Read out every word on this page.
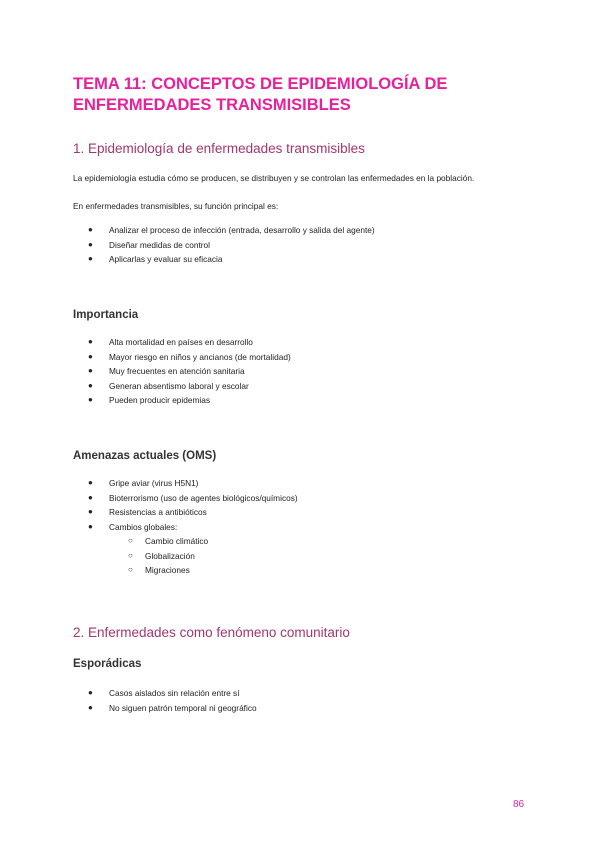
TEMA 11: CONCEPTOS DE EPIDEMIOLOGÍA DE ENFERMEDADES TRANSMISIBLES
1. Epidemiología de enfermedades transmisibles
La epidemiología estudia cómo se producen, se distribuyen y se controlan las enfermedades en la población.
En enfermedades transmisibles, su función principal es:
● Analizar el proceso de infección (entrada, desarrollo y salida del agente)
● Diseñar medidas de control
● Aplicarlas y evaluar su eficacia
Importancia
● Alta mortalidad en países en desarrollo
● Mayor riesgo en niños y ancianos (de mortalidad)
● Muy frecuentes en atención sanitaria
● Generan absentismo laboral y escolar
● Pueden producir epidemias
Amenazas actuales (OMS)
● Gripe aviar (virus H5N1)
● Bioterrorismo (uso de agentes biológicos/químicos)
● Resistencias a antibióticos
● Cambios globales:
○ Cambio climático
○ Globalización
○ Migraciones
2. Enfermedades como fenómeno comunitario
Esporádicas
● Casos aislados sin relación entre sí
● No siguen patrón temporal ni geográfico
86
